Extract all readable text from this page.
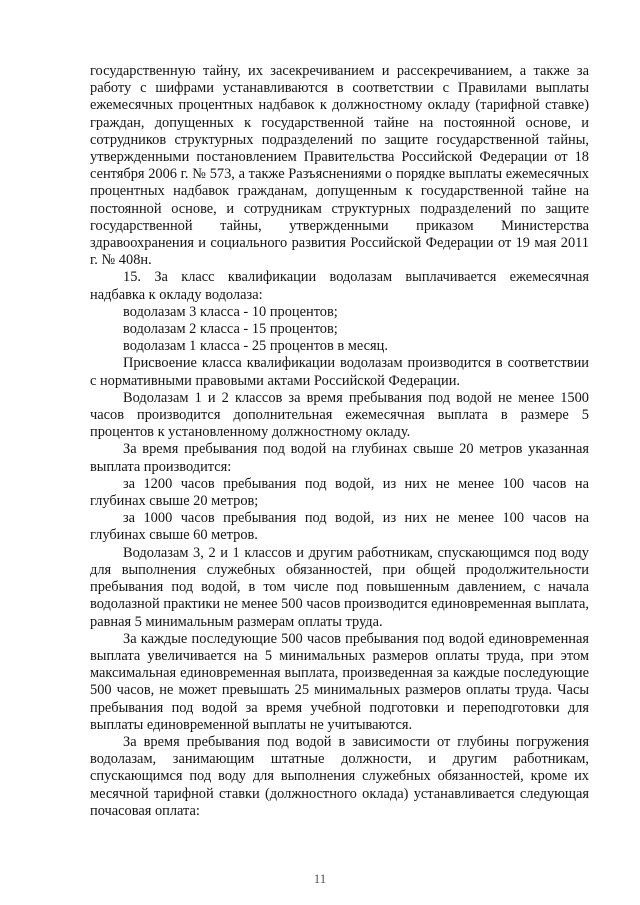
государственную тайну, их засекречиванием и рассекречиванием, а также за работу с шифрами устанавливаются в соответствии с Правилами выплаты ежемесячных процентных надбавок к должностному окладу (тарифной ставке) граждан, допущенных к государственной тайне на постоянной основе, и сотрудников структурных подразделений по защите государственной тайны, утвержденными постановлением Правительства Российской Федерации от 18 сентября 2006 г. № 573, а также Разъяснениями о порядке выплаты ежемесячных процентных надбавок гражданам, допущенным к государственной тайне на постоянной основе, и сотрудникам структурных подразделений по защите государственной тайны, утвержденными приказом Министерства здравоохранения и социального развития Российской Федерации от 19 мая 2011 г. № 408н.

15. За класс квалификации водолазам выплачивается ежемесячная надбавка к окладу водолаза:

водолазам 3 класса - 10 процентов;

водолазам 2 класса - 15 процентов;

водолазам 1 класса - 25 процентов в месяц.

Присвоение класса квалификации водолазам производится в соответствии с нормативными правовыми актами Российской Федерации.

Водолазам 1 и 2 классов за время пребывания под водой не менее 1500 часов производится дополнительная ежемесячная выплата в размере 5 процентов к установленному должностному окладу.

За время пребывания под водой на глубинах свыше 20 метров указанная выплата производится:

за 1200 часов пребывания под водой, из них не менее 100 часов на глубинах свыше 20 метров;

за 1000 часов пребывания под водой, из них не менее 100 часов на глубинах свыше 60 метров.

Водолазам 3, 2 и 1 классов и другим работникам, спускающимся под воду для выполнения служебных обязанностей, при общей продолжительности пребывания под водой, в том числе под повышенным давлением, с начала водолазной практики не менее 500 часов производится единовременная выплата, равная 5 минимальным размерам оплаты труда.

За каждые последующие 500 часов пребывания под водой единовременная выплата увеличивается на 5 минимальных размеров оплаты труда, при этом максимальная единовременная выплата, произведенная за каждые последующие 500 часов, не может превышать 25 минимальных размеров оплаты труда. Часы пребывания под водой за время учебной подготовки и переподготовки для выплаты единовременной выплаты не учитываются.

За время пребывания под водой в зависимости от глубины погружения водолазам, занимающим штатные должности, и другим работникам, спускающимся под воду для выполнения служебных обязанностей, кроме их месячной тарифной ставки (должностного оклада) устанавливается следующая почасовая оплата:

11
